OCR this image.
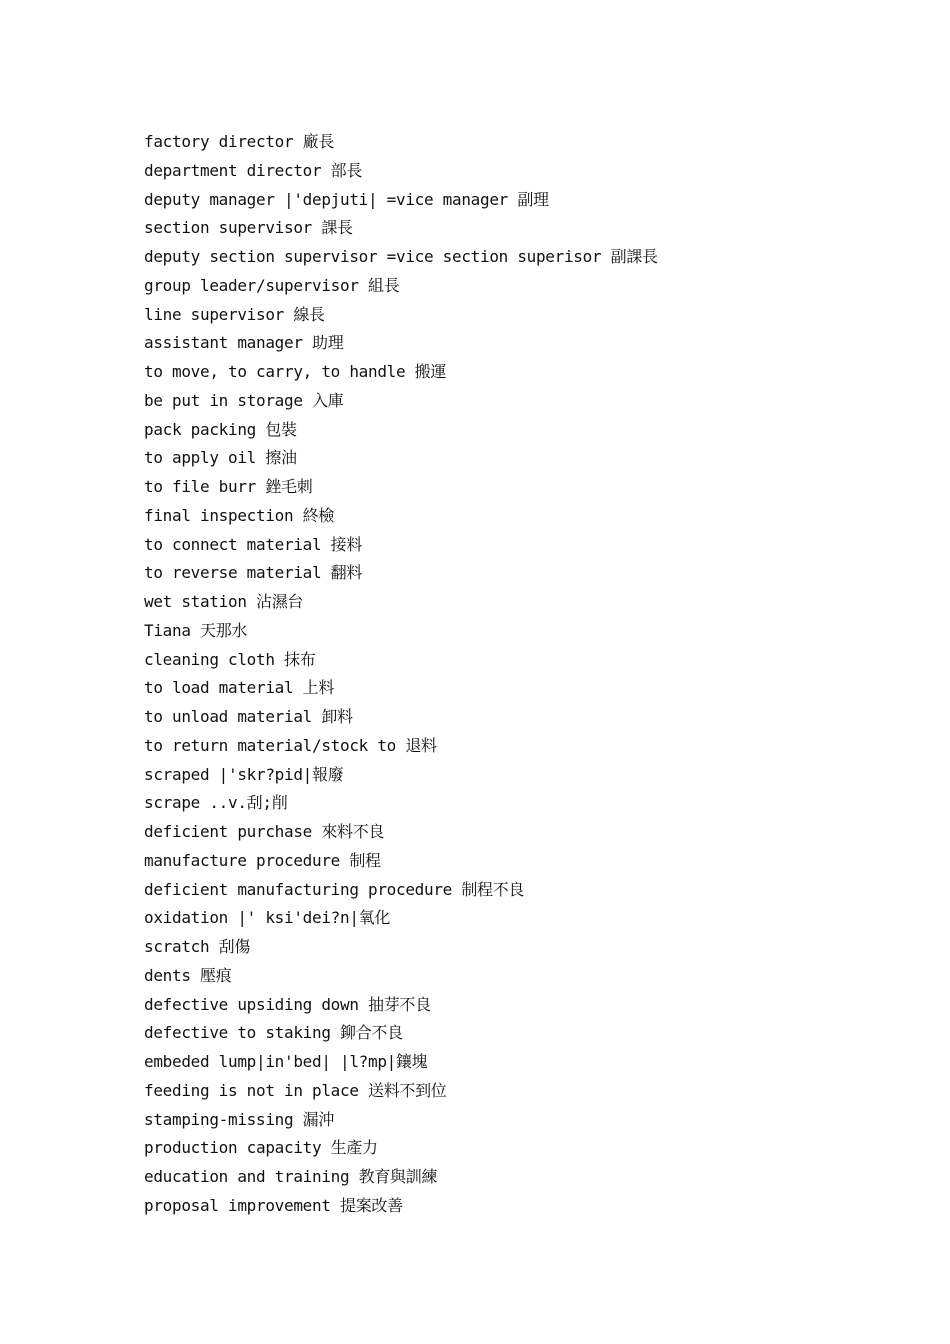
factory director 廠長
department director 部長
deputy manager |'depjuti| =vice manager 副理
section supervisor 課長
deputy section supervisor =vice section superisor 副課長
group leader/supervisor 組長
line supervisor 線長
assistant manager 助理
to move, to carry, to handle 搬運
be put in storage 入庫
pack packing 包裝
to apply oil 擦油
to file burr 銼毛刺
final inspection 終檢
to connect material 接料
to reverse material 翻料
wet station 沾濕台
Tiana 天那水
cleaning cloth 抹布
to load material 上料
to unload material 卸料
to return material/stock to 退料
scraped |'skr?pid|報廢
scrape ..v.刮;削
deficient purchase 來料不良
manufacture procedure 制程
deficient manufacturing procedure 制程不良
oxidation |' ksi'dei?n|氧化
scratch 刮傷
dents 壓痕
defective upsiding down 抽芽不良
defective to staking 鉚合不良
embeded lump|in'bed| |l?mp|鑲塊
feeding is not in place 送料不到位
stamping-missing 漏沖
production capacity 生產力
education and training 教育與訓練
proposal improvement 提案改善
